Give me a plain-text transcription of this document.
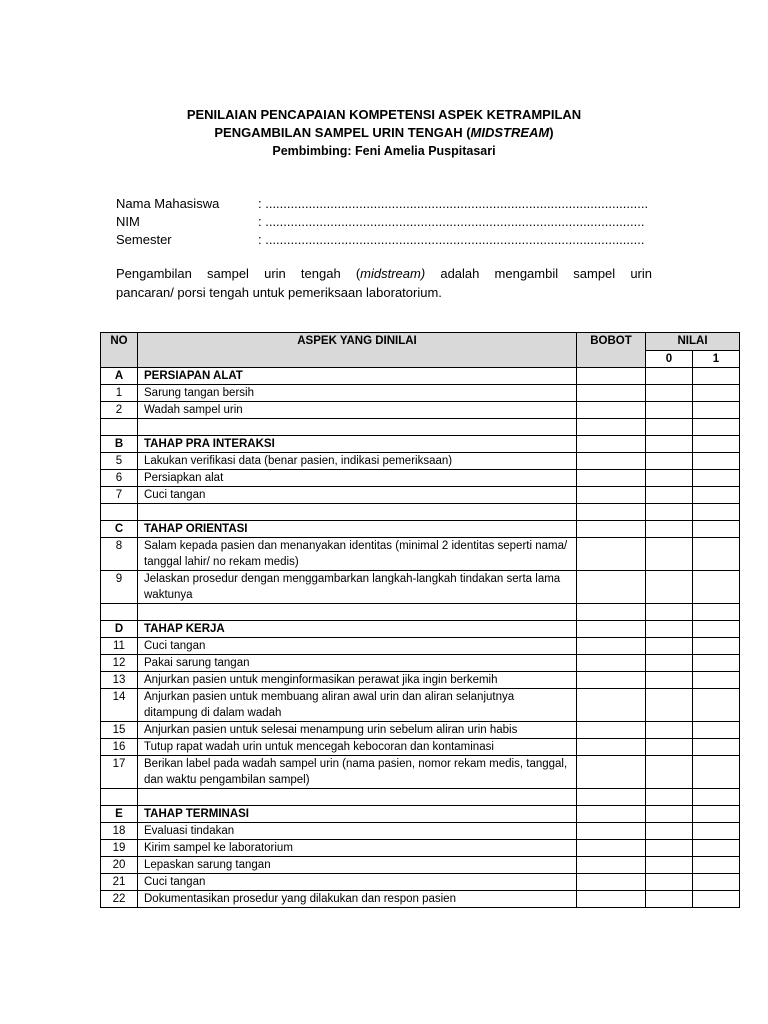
PENILAIAN PENCAPAIAN KOMPETENSI ASPEK KETRAMPILAN
PENGAMBILAN SAMPEL URIN TENGAH (MIDSTREAM)
Pembimbing: Feni Amelia Puspitasari
Nama Mahasiswa	: ..........................................................................................................
NIM	: .........................................................................................................
Semester	: .........................................................................................................
Pengambilan sampel urin tengah (midstream) adalah mengambil sampel urin
pancaran/ porsi tengah untuk pemeriksaan laboratorium.
NO	ASPEK YANG DINILAI	BOBOT	NILAI	
			0	1
A	PERSIAPAN ALAT			
1	Sarung tangan bersih			
2	Wadah sampel urin			

B	TAHAP PRA INTERAKSI			
5	Lakukan verifikasi data (benar pasien, indikasi pemeriksaan)			
6	Persiapkan alat			
7	Cuci tangan			

C	TAHAP ORIENTASI			
8	Salam kepada pasien dan menanyakan identitas (minimal 2 identitas seperti nama/ tanggal lahir/ no rekam medis)			
9	Jelaskan prosedur dengan menggambarkan langkah-langkah tindakan serta lama waktunya			

D	TAHAP KERJA			
11	Cuci tangan			
12	Pakai sarung tangan			
13	Anjurkan pasien untuk menginformasikan perawat jika ingin berkemih			
14	Anjurkan pasien untuk membuang aliran awal urin dan aliran selanjutnya ditampung di dalam wadah			
15	Anjurkan pasien untuk selesai menampung urin sebelum aliran urin habis			
16	Tutup rapat wadah urin untuk mencegah kebocoran dan kontaminasi			
17	Berikan label pada wadah sampel urin (nama pasien, nomor rekam medis, tanggal, dan waktu pengambilan sampel)			

E	TAHAP TERMINASI			
18	Evaluasi tindakan			
19	Kirim sampel ke laboratorium			
20	Lepaskan sarung tangan			
21	Cuci tangan			
22	Dokumentasikan prosedur yang dilakukan dan respon pasien			
